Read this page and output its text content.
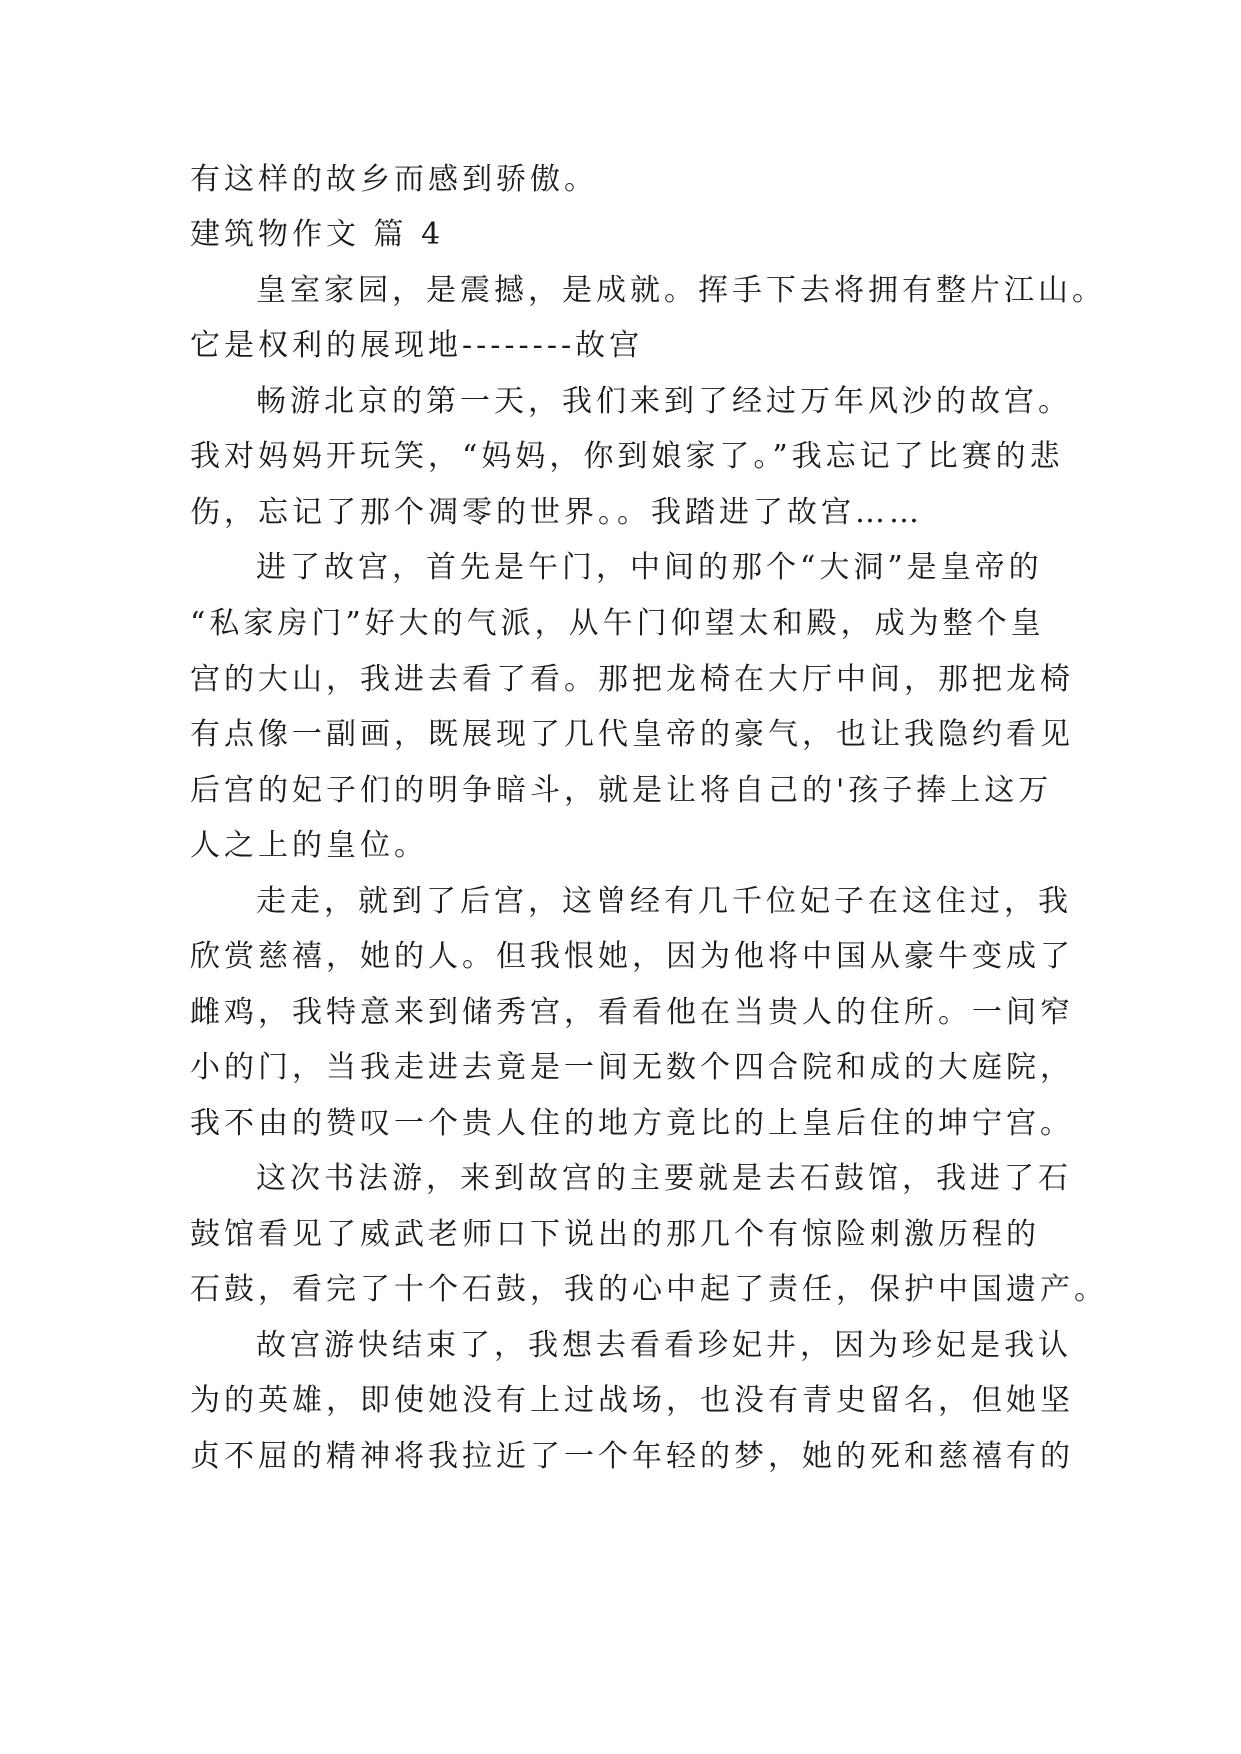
有这样的故乡而感到骄傲。
建筑物作文 篇 4
皇室家园，是震撼，是成就。挥手下去将拥有整片江山。
它是权利的展现地--------故宫
畅游北京的第一天，我们来到了经过万年风沙的故宫。
我对妈妈开玩笑，“妈妈，你到娘家了。”我忘记了比赛的悲
伤，忘记了那个凋零的世界。。我踏进了故宫……
进了故宫，首先是午门，中间的那个“大洞”是皇帝的
“私家房门”好大的气派，从午门仰望太和殿，成为整个皇
宫的大山，我进去看了看。那把龙椅在大厅中间，那把龙椅
有点像一副画，既展现了几代皇帝的豪气，也让我隐约看见
后宫的妃子们的明争暗斗，就是让将自己的'孩子捧上这万
人之上的皇位。
走走，就到了后宫，这曾经有几千位妃子在这住过，我
欣赏慈禧，她的人。但我恨她，因为他将中国从豪牛变成了
雌鸡，我特意来到储秀宫，看看他在当贵人的住所。一间窄
小的门，当我走进去竟是一间无数个四合院和成的大庭院，
我不由的赞叹一个贵人住的地方竟比的上皇后住的坤宁宫。
这次书法游，来到故宫的主要就是去石鼓馆，我进了石
鼓馆看见了威武老师口下说出的那几个有惊险刺激历程的
石鼓，看完了十个石鼓，我的心中起了责任，保护中国遗产。
故宫游快结束了，我想去看看珍妃井，因为珍妃是我认
为的英雄，即使她没有上过战场，也没有青史留名，但她坚
贞不屈的精神将我拉近了一个年轻的梦，她的死和慈禧有的
